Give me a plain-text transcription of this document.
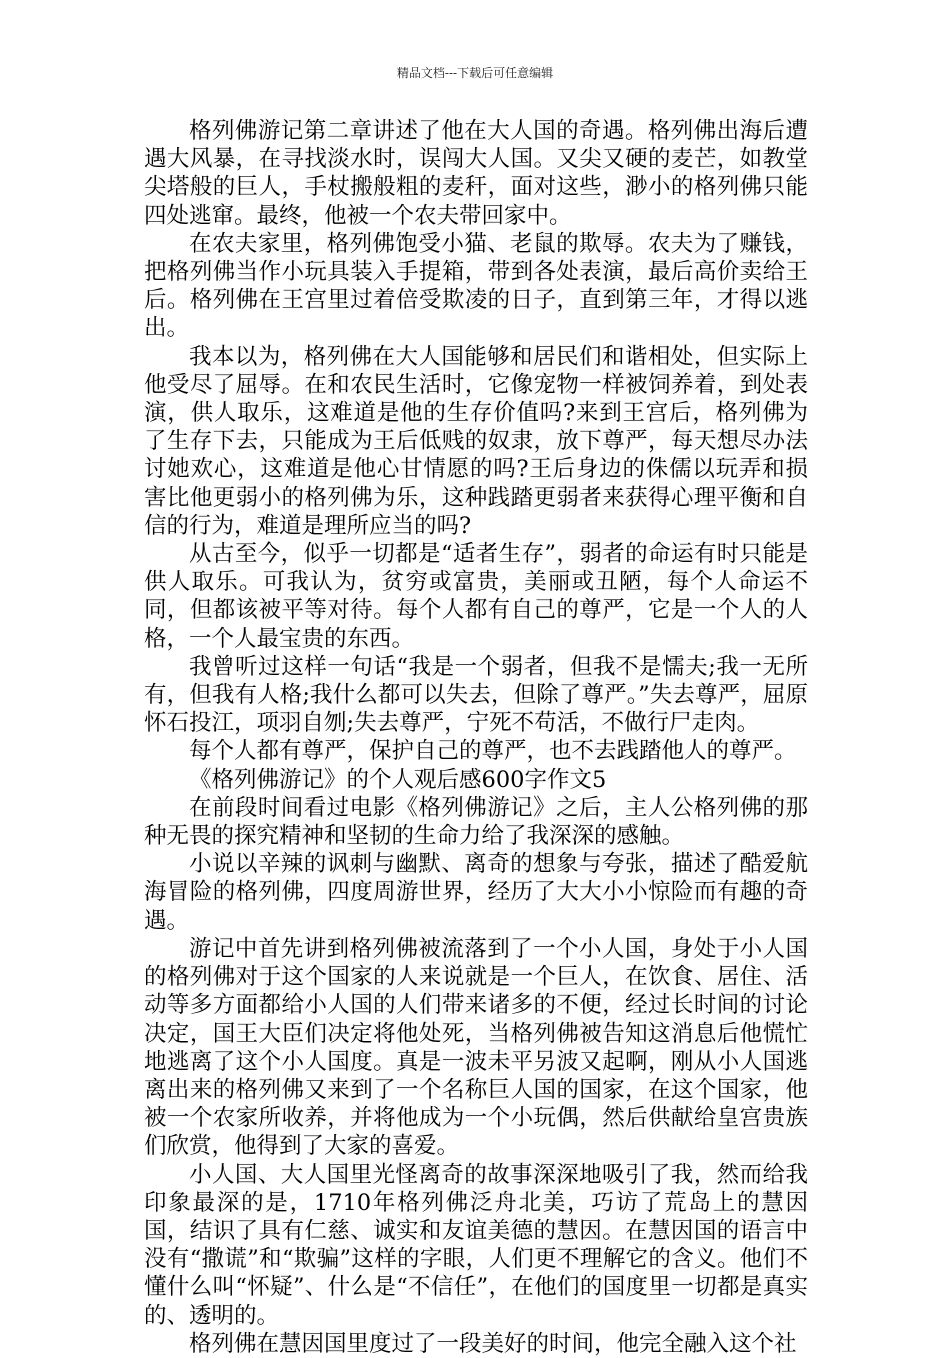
精品文档---下载后可任意编辑

格列佛游记第二章讲述了他在大人国的奇遇。格列佛出海后遭遇大风暴，在寻找淡水时，误闯大人国。又尖又硬的麦芒，如教堂尖塔般的巨人，手杖搬般粗的麦秆，面对这些，渺小的格列佛只能四处逃窜。最终，他被一个农夫带回家中。

在农夫家里，格列佛饱受小猫、老鼠的欺辱。农夫为了赚钱，把格列佛当作小玩具装入手提箱，带到各处表演，最后高价卖给王后。格列佛在王宫里过着倍受欺凌的日子，直到第三年，才得以逃出。

我本以为，格列佛在大人国能够和居民们和谐相处，但实际上他受尽了屈辱。在和农民生活时，它像宠物一样被饲养着，到处表演，供人取乐，这难道是他的生存价值吗?来到王宫后，格列佛为了生存下去，只能成为王后低贱的奴隶，放下尊严，每天想尽办法讨她欢心，这难道是他心甘情愿的吗?王后身边的侏儒以玩弄和损害比他更弱小的格列佛为乐，这种践踏更弱者来获得心理平衡和自信的行为，难道是理所应当的吗?

从古至今，似乎一切都是“适者生存”，弱者的命运有时只能是供人取乐。可我认为，贫穷或富贵，美丽或丑陋，每个人命运不同，但都该被平等对待。每个人都有自己的尊严，它是一个人的人格，一个人最宝贵的东西。

我曾听过这样一句话“我是一个弱者，但我不是懦夫;我一无所有，但我有人格;我什么都可以失去，但除了尊严。”失去尊严，屈原怀石投江，项羽自刎;失去尊严，宁死不苟活，不做行尸走肉。

每个人都有尊严，保护自己的尊严，也不去践踏他人的尊严。

《格列佛游记》的个人观后感600字作文5

在前段时间看过电影《格列佛游记》之后，主人公格列佛的那种无畏的探究精神和坚韧的生命力给了我深深的感触。

小说以辛辣的讽刺与幽默、离奇的想象与夸张，描述了酷爱航海冒险的格列佛，四度周游世界，经历了大大小小惊险而有趣的奇遇。

游记中首先讲到格列佛被流落到了一个小人国，身处于小人国的格列佛对于这个国家的人来说就是一个巨人，在饮食、居住、活动等多方面都给小人国的人们带来诸多的不便，经过长时间的讨论决定，国王大臣们决定将他处死，当格列佛被告知这消息后他慌忙地逃离了这个小人国度。真是一波未平另波又起啊，刚从小人国逃离出来的格列佛又来到了一个名称巨人国的国家，在这个国家，他被一个农家所收养，并将他成为一个小玩偶，然后供献给皇宫贵族们欣赏，他得到了大家的喜爱。

小人国、大人国里光怪离奇的故事深深地吸引了我，然而给我印象最深的是，1710年格列佛泛舟北美，巧访了荒岛上的慧因国，结识了具有仁慈、诚实和友谊美德的慧因。在慧因国的语言中没有“撒谎”和“欺骗”这样的字眼，人们更不理解它的含义。他们不懂什么叫“怀疑”、什么是“不信任”，在他们的国度里一切都是真实的、透明的。

格列佛在慧因国里度过了一段美好的时间，他完全融入这个社
